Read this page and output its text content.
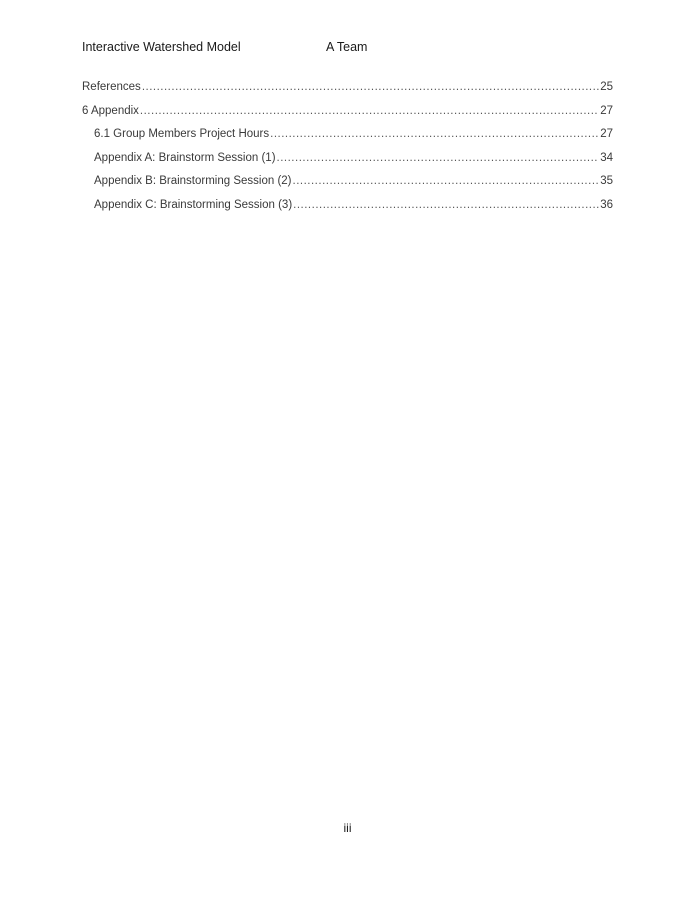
Interactive Watershed Model	A Team
References .....	25
6 Appendix .....	27
6.1 Group Members Project Hours .....	27
Appendix A: Brainstorm Session (1) .....	34
Appendix B: Brainstorming Session (2) .....	35
Appendix C: Brainstorming Session (3) .....	36
iii
